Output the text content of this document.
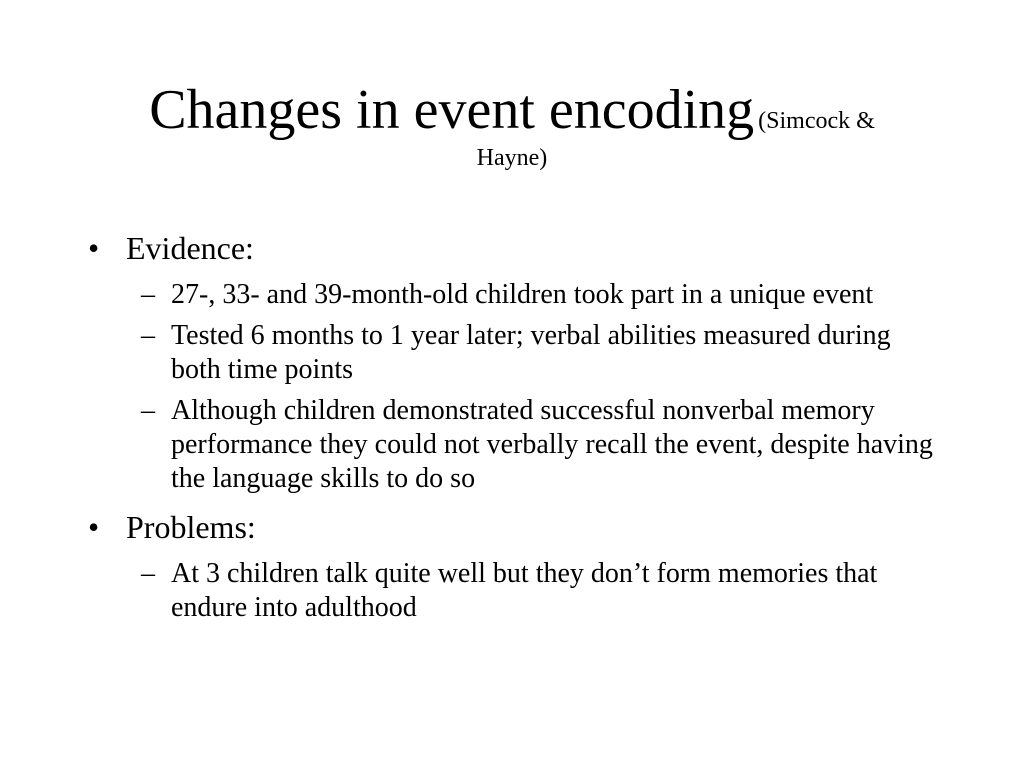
Changes in event encoding (Simcock &
Hayne)
• Evidence:
– 27-, 33- and 39-month-old children took part in a unique event
– Tested 6 months to 1 year later; verbal abilities measured during both time points
– Although children demonstrated successful nonverbal memory performance they could not verbally recall the event, despite having the language skills to do so
• Problems:
– At 3 children talk quite well but they don’t form memories that endure into adulthood
